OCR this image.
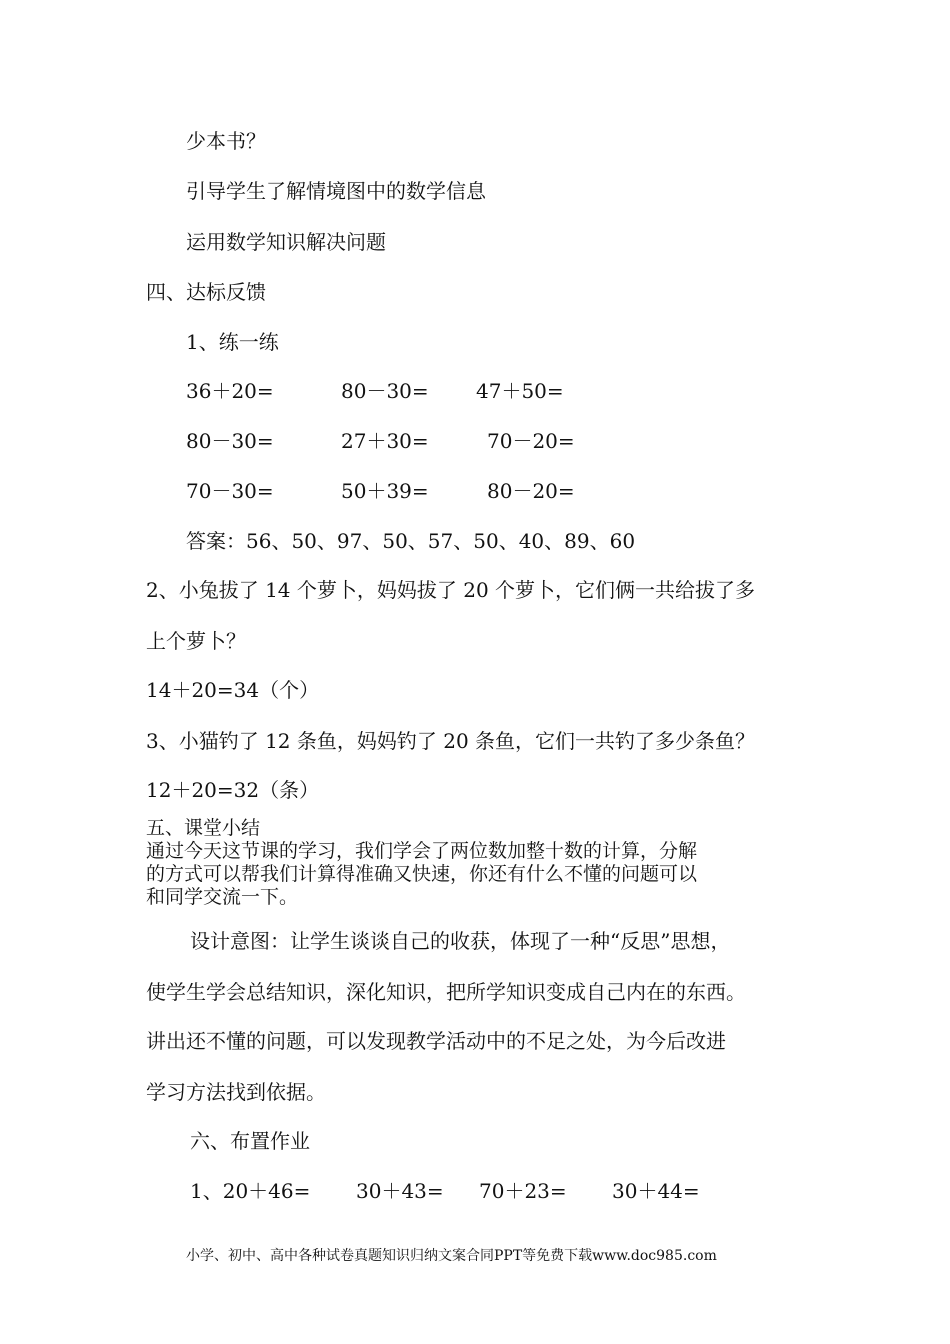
少本书？
引导学生了解情境图中的数学信息
运用数学知识解决问题
四、达标反馈
1、练一练
36＋20=	80－30= 47＋50=
80－30=	27＋30=	70－20=
70－30=	50＋39=	80－20=
答案：56、50、97、50、57、50、40、89、60
2、小兔拔了 14 个萝卜，妈妈拔了 20 个萝卜，它们俩一共给拔了多
上个萝卜？
14＋20=34（个）
3、小猫钓了 12 条鱼，妈妈钓了 20 条鱼，它们一共钓了多少条鱼？
12＋20=32（条）
五、课堂小结
通过今天这节课的学习，我们学会了两位数加整十数的计算，分解
的方式可以帮我们计算得准确又快速，你还有什么不懂的问题可以
和同学交流一下。
设计意图：让学生谈谈自己的收获，体现了一种“反思”思想，
使学生学会总结知识，深化知识，把所学知识变成自己内在的东西。
讲出还不懂的问题，可以发现教学活动中的不足之处，为今后改进
学习方法找到依据。
六、布置作业
1、20＋46= 30＋43= 70＋23= 30＋44=
小学、初中、高中各种试卷真题知识归纳文案合同PPT等免费下载www.doc985.com
